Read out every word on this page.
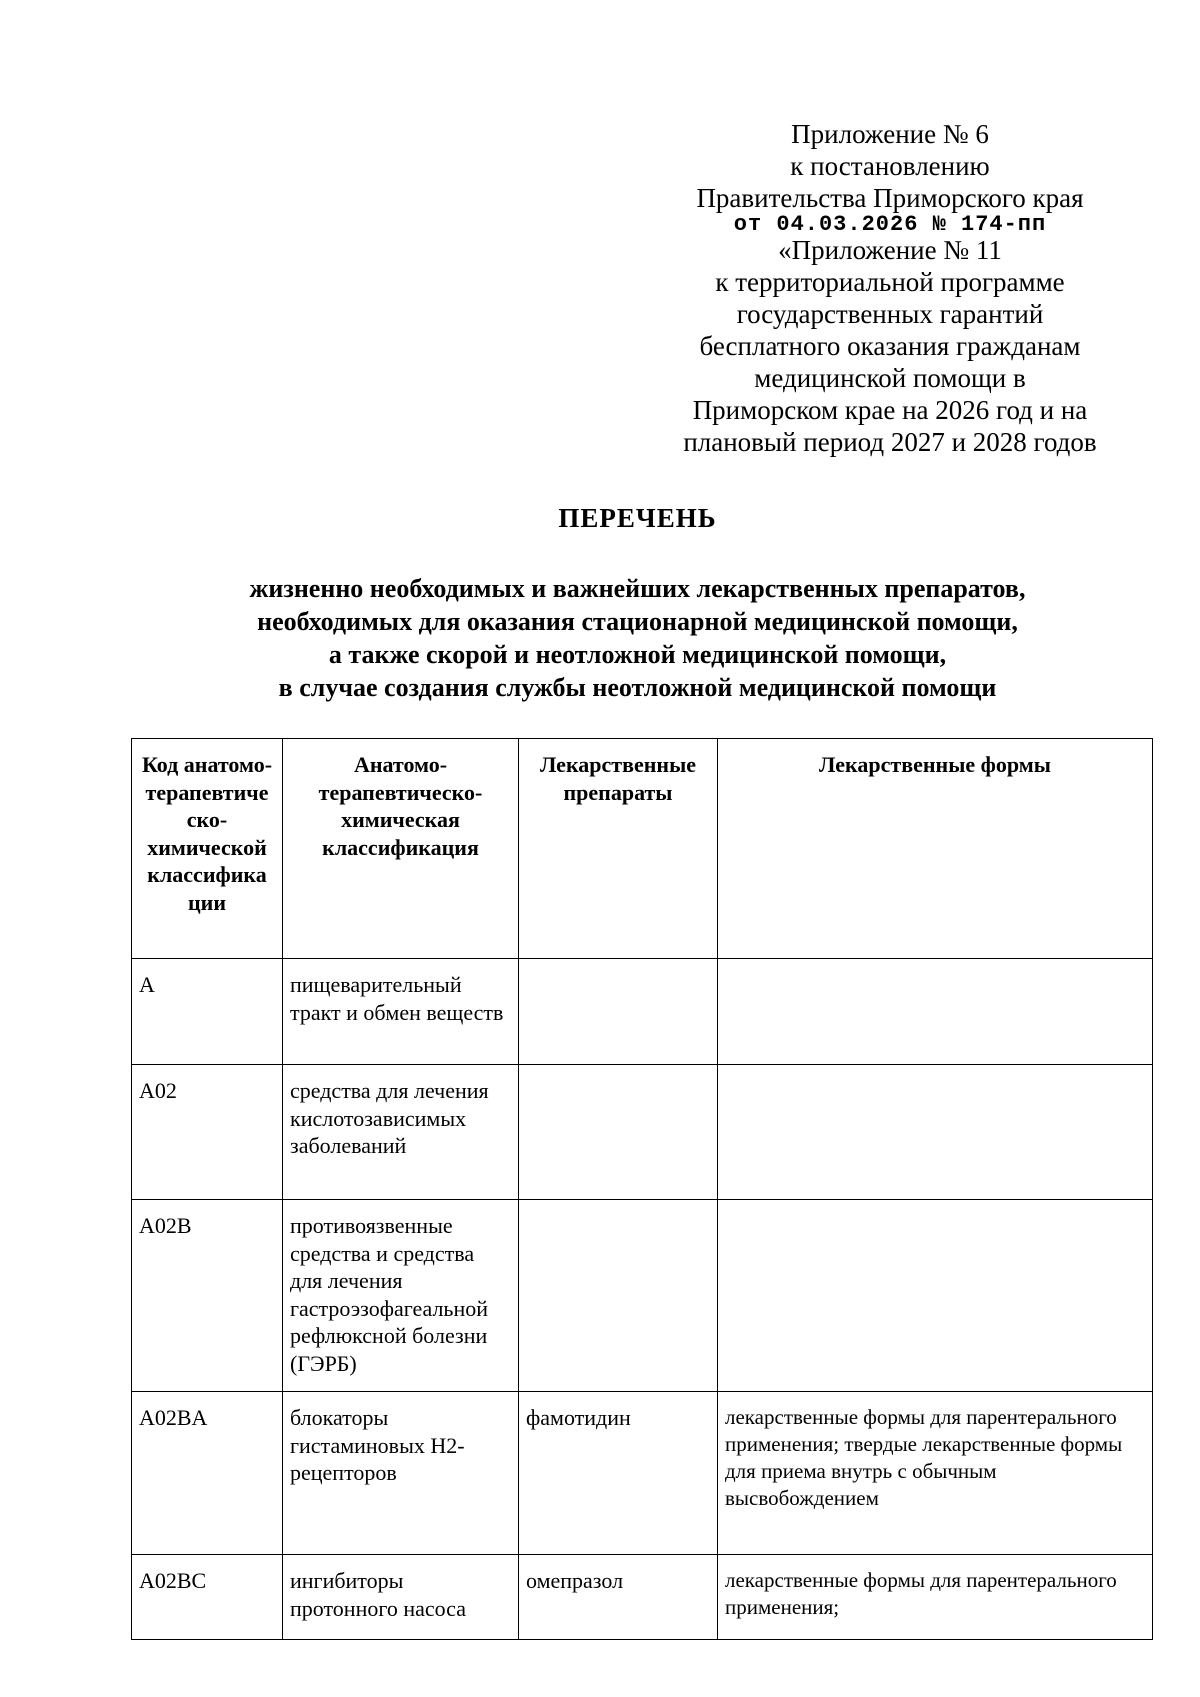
Приложение № 6
к постановлению
Правительства Приморского края
от 04.03.2026 № 174-пп
«Приложение № 11
к территориальной программе
государственных гарантий
бесплатного оказания гражданам
медицинской помощи в
Приморском крае на 2026 год и на
плановый период 2027 и 2028 годов
ПЕРЕЧЕНЬ
жизненно необходимых и важнейших лекарственных препаратов,
необходимых для оказания стационарной медицинской помощи,
а также скорой и неотложной медицинской помощи,
в случае создания службы неотложной медицинской помощи
Код анатомо-терапевтиче ско-химической классифика ции	Анатомо-терапевтическо-химическая классификация	Лекарственные препараты	Лекарственные формы
A	пищеварительный тракт и обмен веществ		
A02	средства для лечения кислотозависимых заболеваний		
A02B	противоязвенные средства и средства для лечения гастроэзофагеальной рефлюксной болезни (ГЭРБ)		
A02BA	блокаторы гистаминовых H2-рецепторов	фамотидин	лекарственные формы для парентерального применения; твердые лекарственные формы для приема внутрь с обычным высвобождением
A02BC	ингибиторы протонного насоса	омепразол	лекарственные формы для парентерального применения;
